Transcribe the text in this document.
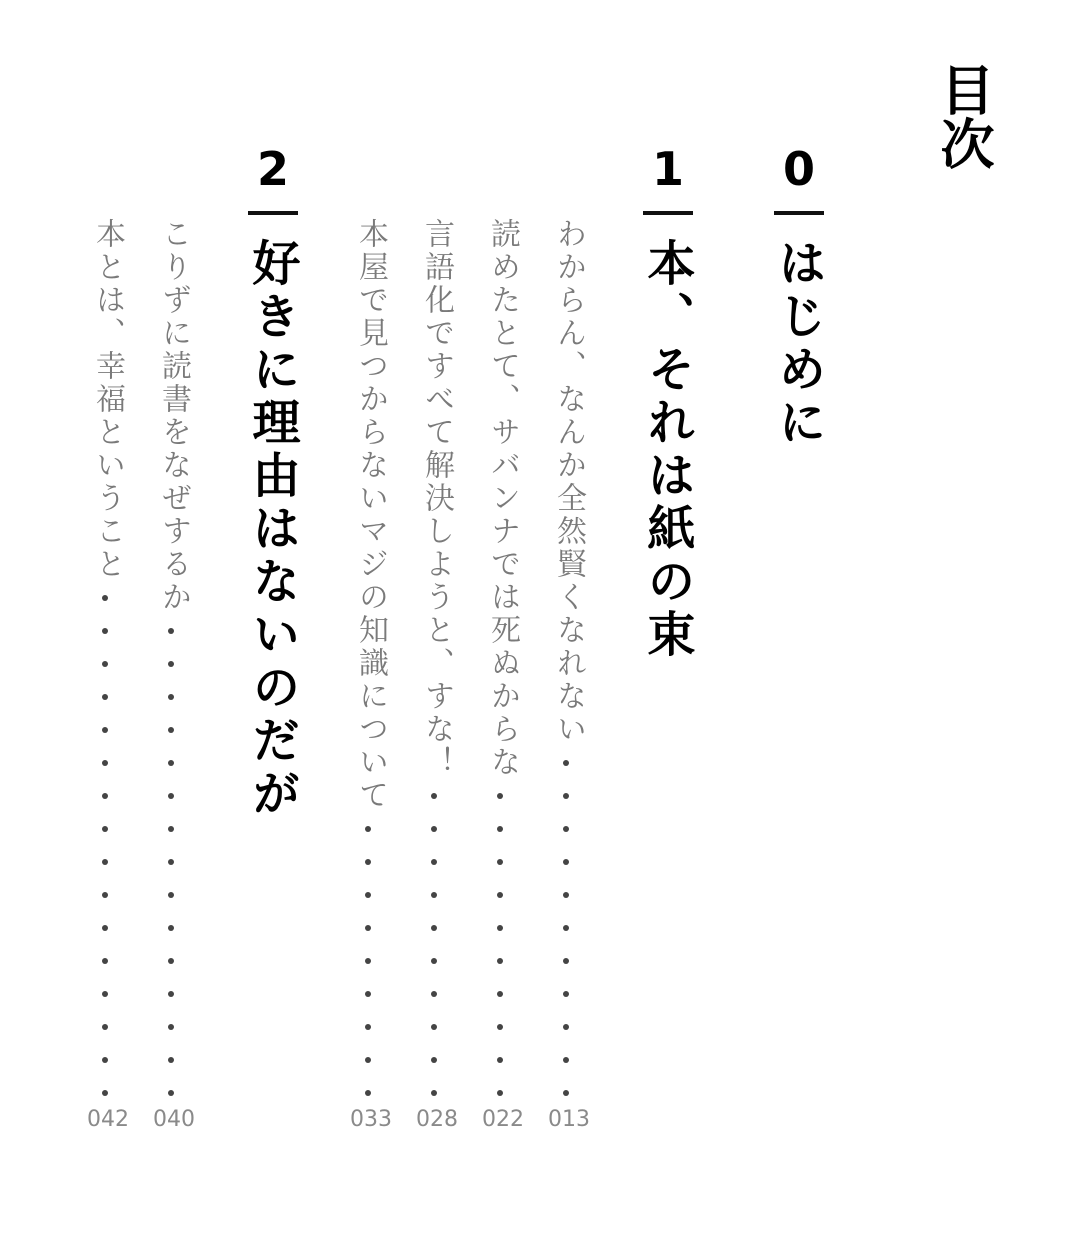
目次
0
はじめに
1
本、それは紙の束
わからん、なんか全然賢くなれない
013
読めたとて、サバンナでは死ぬからな
022
言語化ですべて解決しようと、すな！
028
本屋で見つからないマジの知識について
033
2
好きに理由はないのだが
こりずに読書をなぜするか
040
本とは、幸福ということ
042
